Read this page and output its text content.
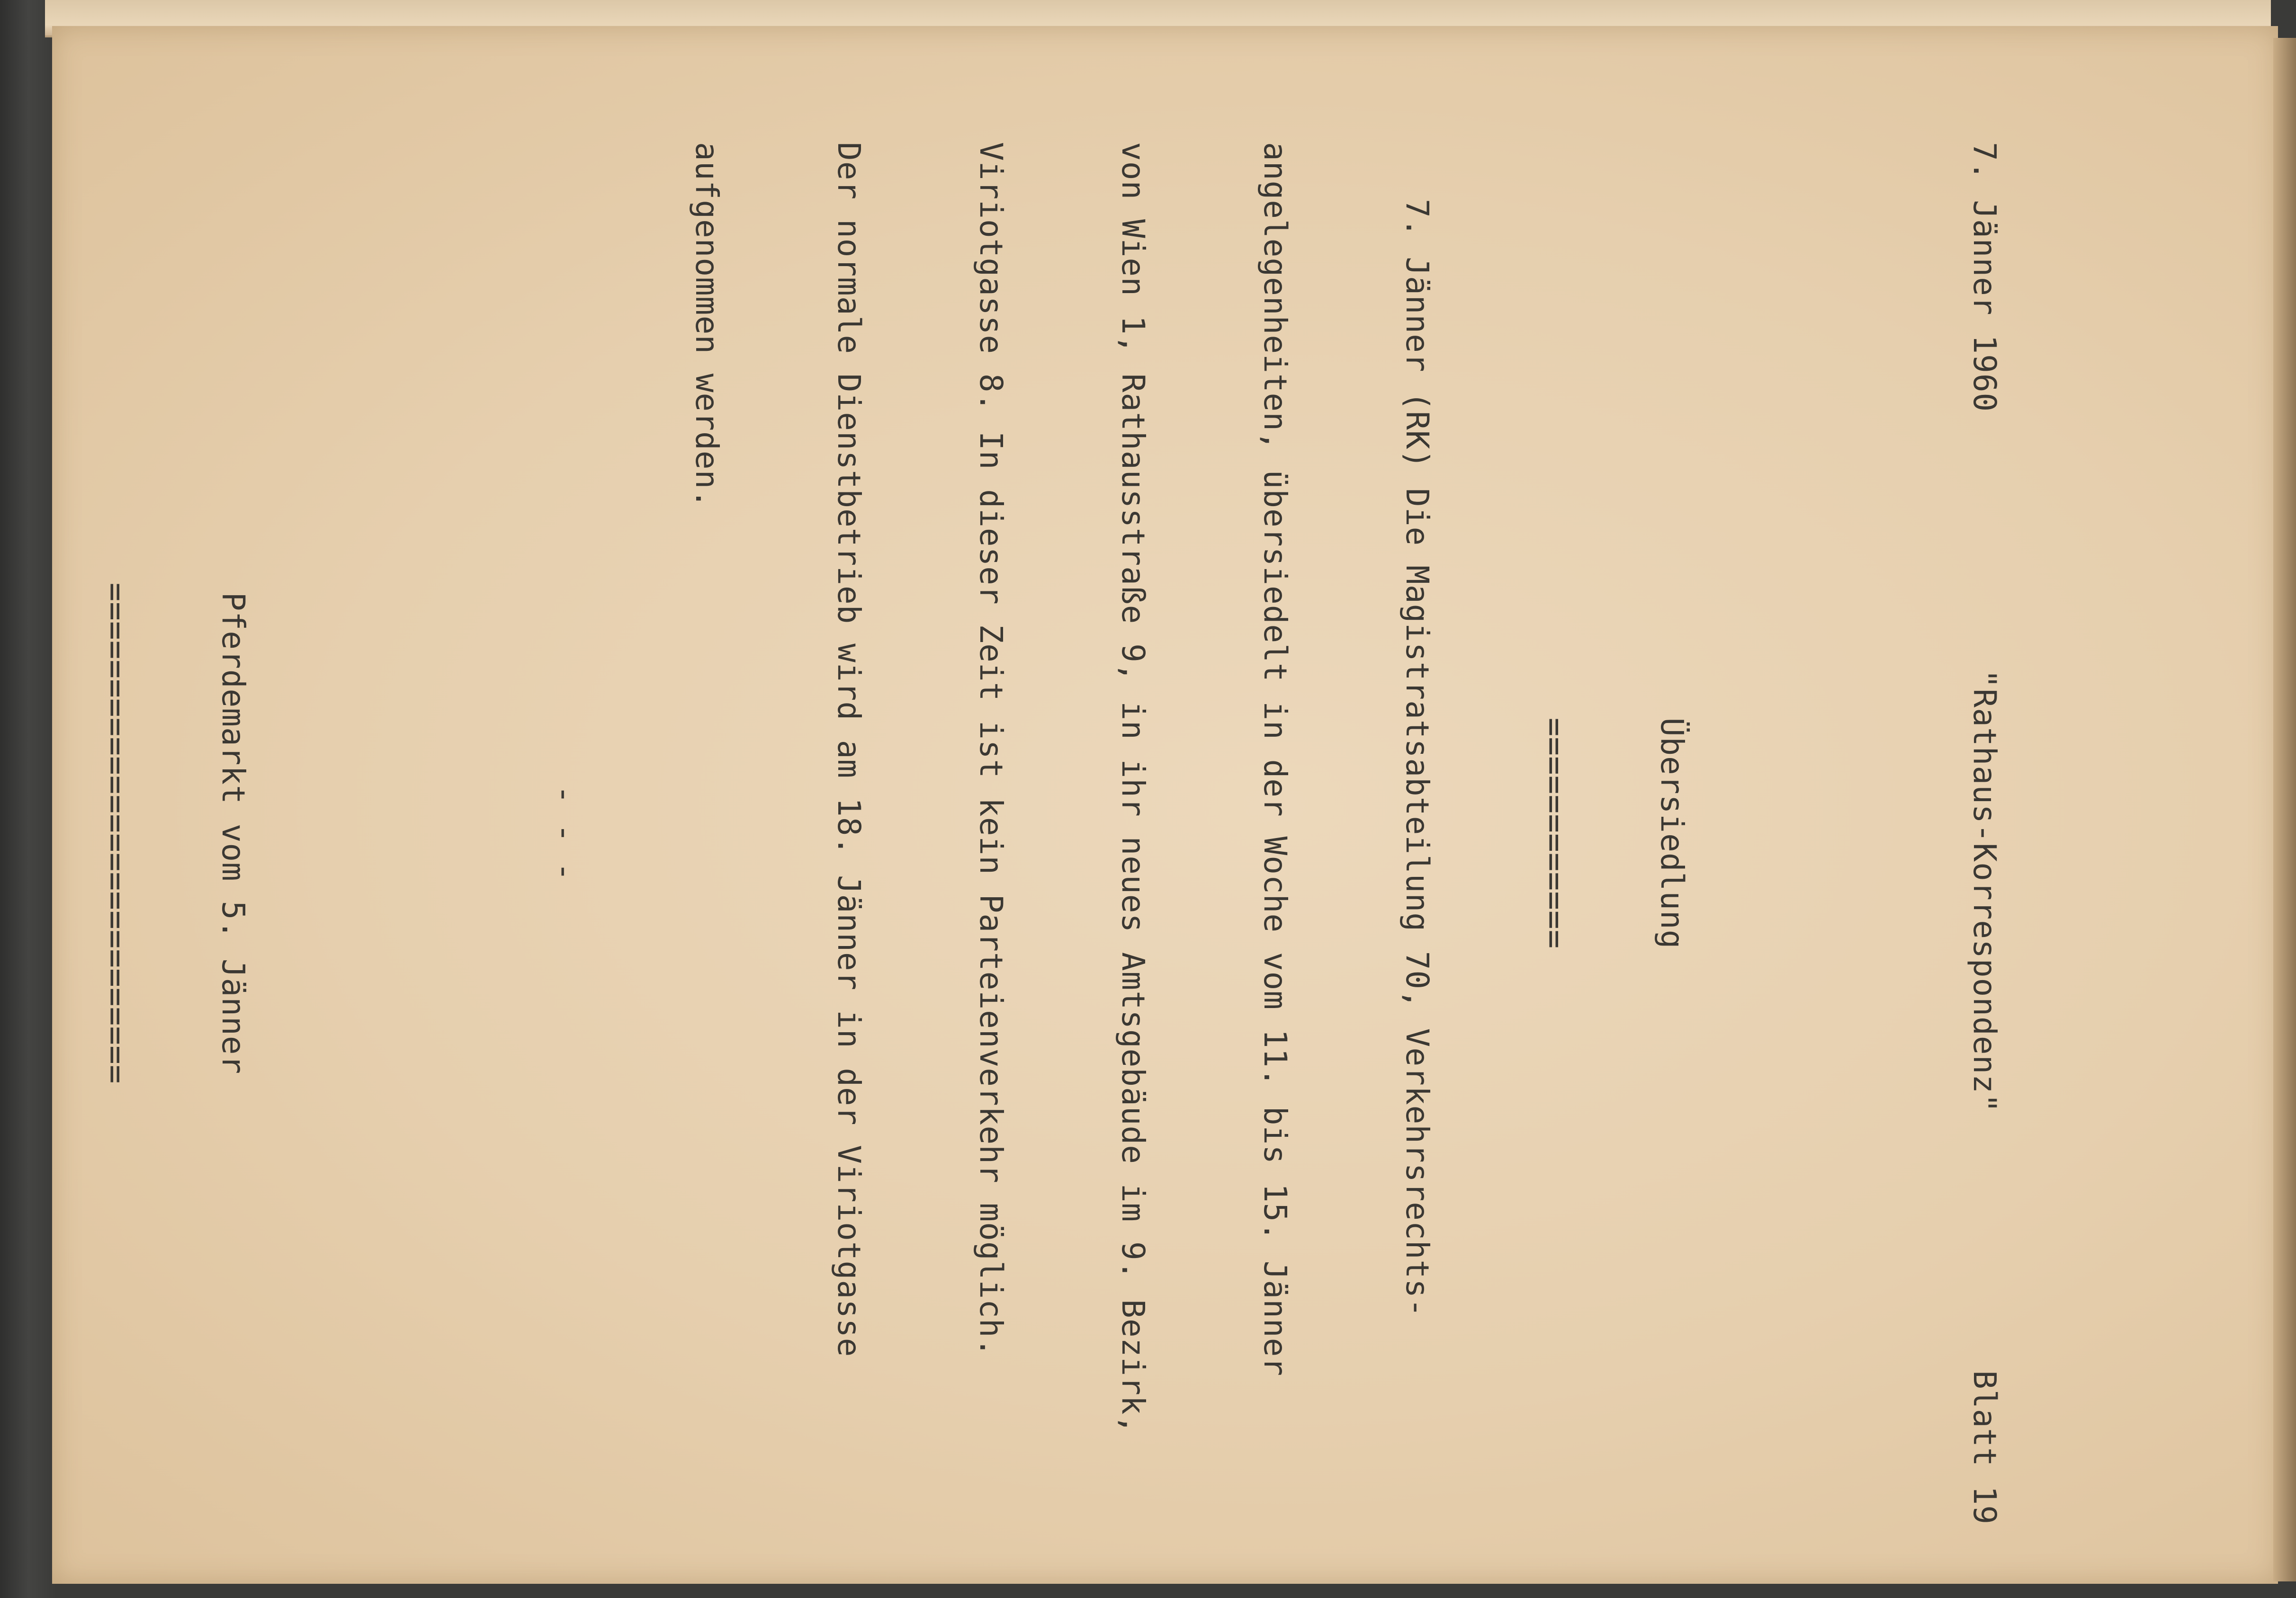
7. Jänner 1960
"Rathaus-Korrespondenz"
Blatt 19

Übersiedlung

============

7. Jänner (RK) Die Magistratsabteilung 70, Verkehrsrechts-

angelegenheiten, übersiedelt in der Woche vom 11. bis 15. Jänner

von Wien 1, Rathausstraße 9, in ihr neues Amtsgebäude im 9. Bezirk,

Viriotgasse 8. In dieser Zeit ist kein Parteienverkehr möglich.

Der normale Dienstbetrieb wird am 18. Jänner in der Viriotgasse

aufgenommen werden.

- - -

Pferdemarkt vom 5. Jänner

==========================
